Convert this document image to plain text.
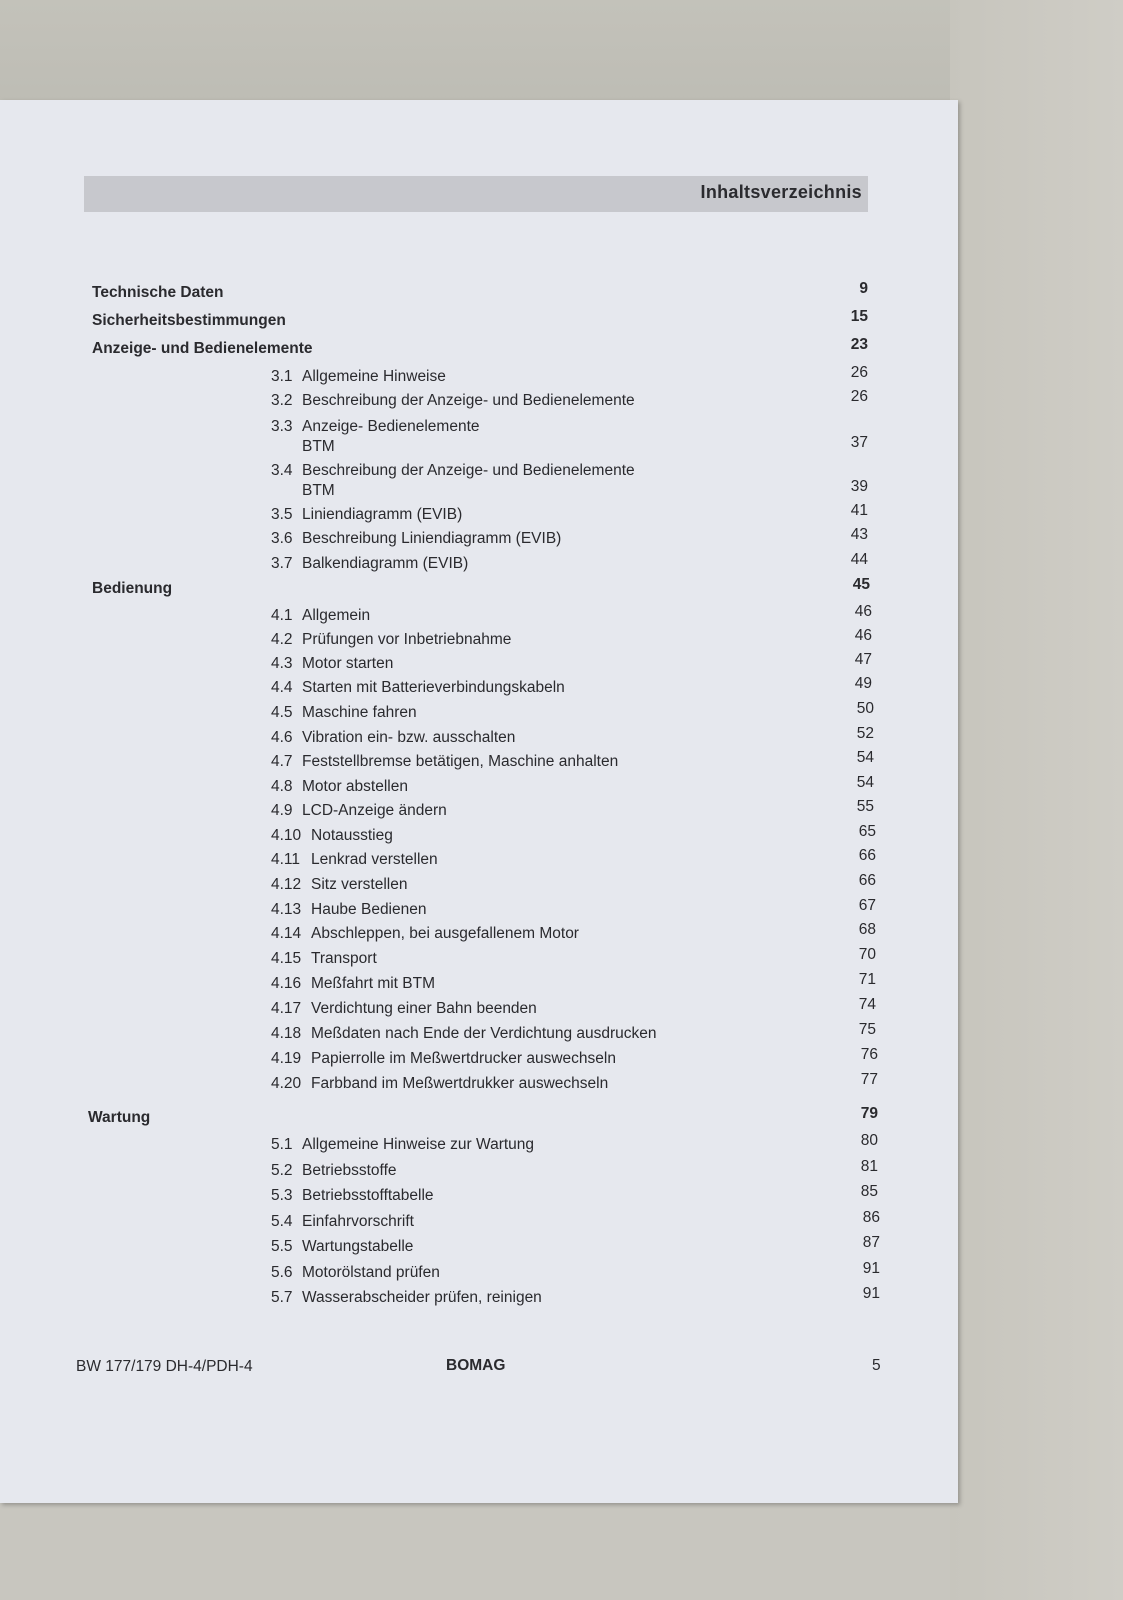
Inhaltsverzeichnis
Technische Daten	9
Sicherheitsbestimmungen	15
Anzeige- und Bedienelemente	23
3.1 Allgemeine Hinweise	26
3.2 Beschreibung der Anzeige- und Bedienelemente	26
3.3 Anzeige- Bedienelemente
BTM	37
3.4 Beschreibung der Anzeige- und Bedienelemente
BTM	39
3.5 Liniendiagramm (EVIB)	41
3.6 Beschreibung Liniendiagramm (EVIB)	43
3.7 Balkendiagramm (EVIB)	44
Bedienung	45
4.1 Allgemein	46
4.2 Prüfungen vor Inbetriebnahme	46
4.3 Motor starten	47
4.4 Starten mit Batterieverbindungskabeln	49
4.5 Maschine fahren	50
4.6 Vibration ein- bzw. ausschalten	52
4.7 Feststellbremse betätigen, Maschine anhalten	54
4.8 Motor abstellen	54
4.9 LCD-Anzeige ändern	55
4.10 Notausstieg	65
4.11 Lenkrad verstellen	66
4.12 Sitz verstellen	66
4.13 Haube Bedienen	67
4.14 Abschleppen, bei ausgefallenem Motor	68
4.15 Transport	70
4.16 Meßfahrt mit BTM	71
4.17 Verdichtung einer Bahn beenden	74
4.18 Meßdaten nach Ende der Verdichtung ausdrucken	75
4.19 Papierrolle im Meßwertdrucker auswechseln	76
4.20 Farbband im Meßwertdrukker auswechseln	77
Wartung	79
5.1 Allgemeine Hinweise zur Wartung	80
5.2 Betriebsstoffe	81
5.3 Betriebsstofftabelle	85
5.4 Einfahrvorschrift	86
5.5 Wartungstabelle	87
5.6 Motorölstand prüfen	91
5.7 Wasserabscheider prüfen, reinigen	91
BW 177/179 DH-4/PDH-4	BOMAG	5
